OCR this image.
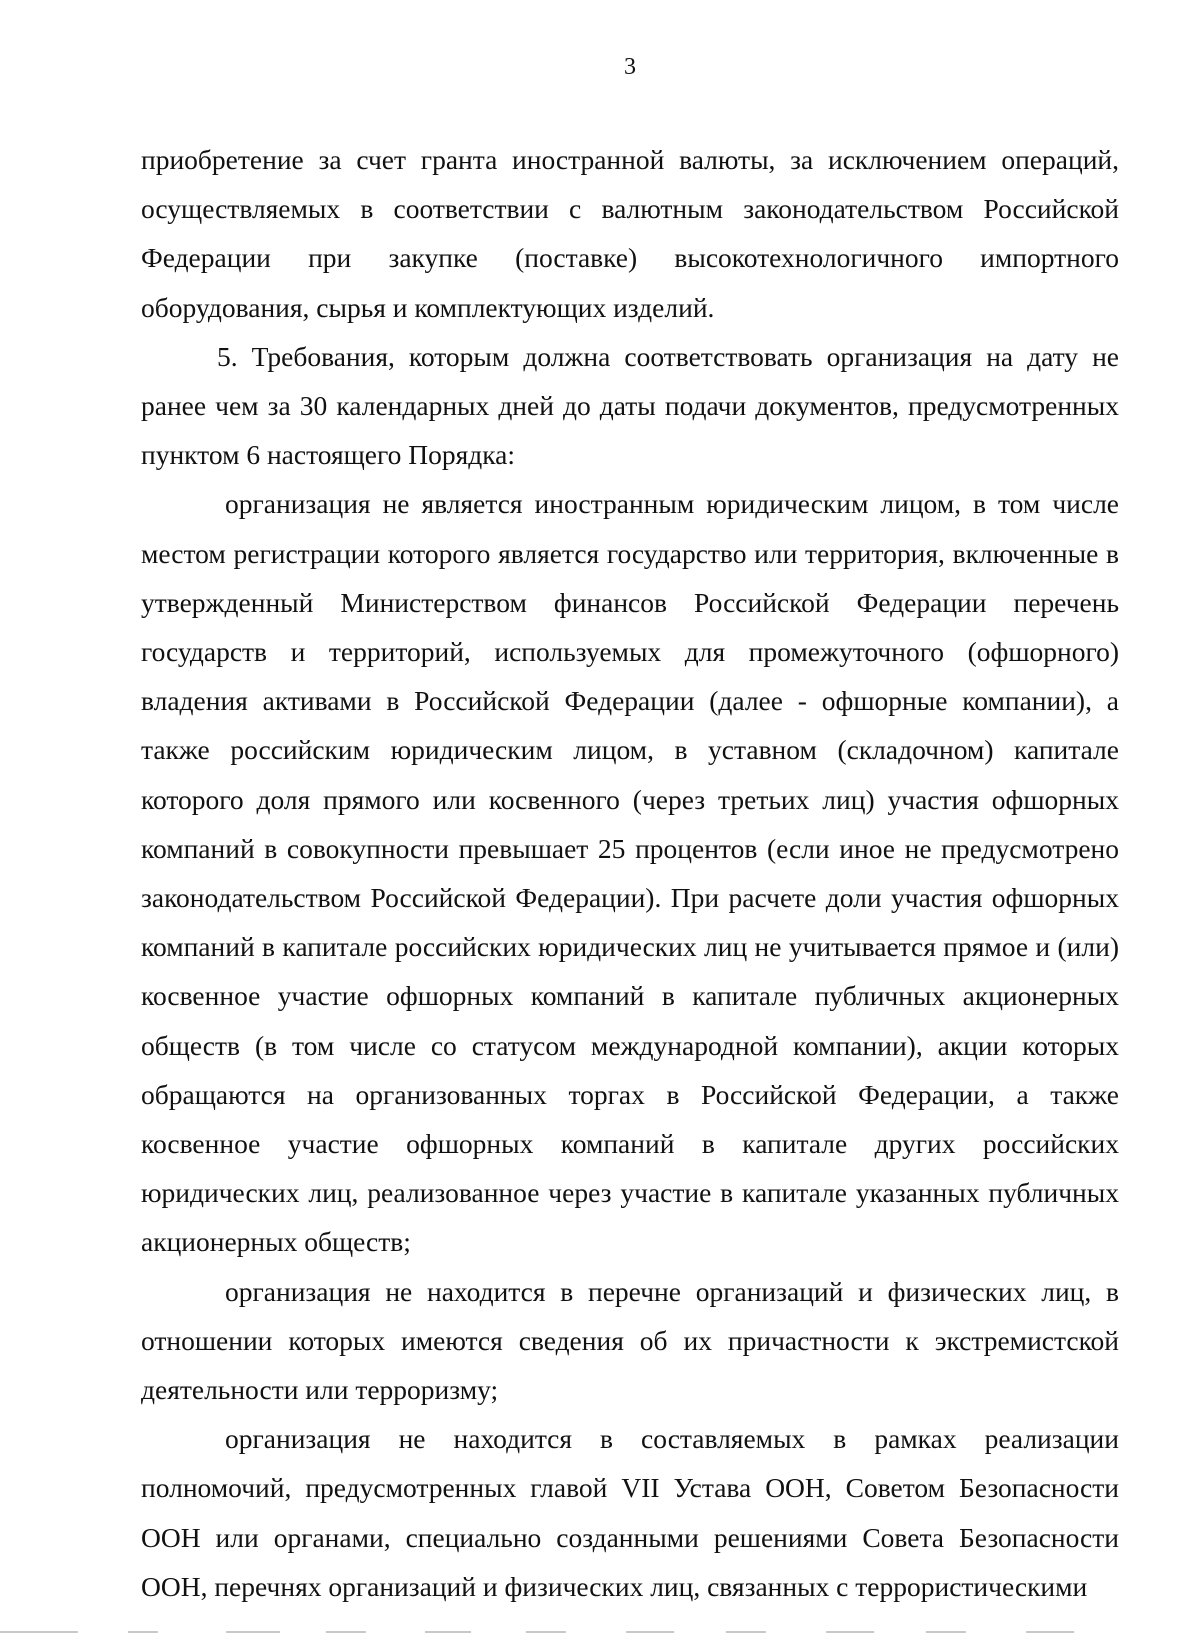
3

приобретение за счет гранта иностранной валюты, за исключением операций, осуществляемых в соответствии с валютным законодательством Российской Федерации при закупке (поставке) высокотехнологичного импортного оборудования, сырья и комплектующих изделий.

5. Требования, которым должна соответствовать организация на дату не ранее чем за 30 календарных дней до даты подачи документов, предусмотренных пунктом 6 настоящего Порядка:

организация не является иностранным юридическим лицом, в том числе местом регистрации которого является государство или территория, включенные в утвержденный Министерством финансов Российской Федерации перечень государств и территорий, используемых для промежуточного (офшорного) владения активами в Российской Федерации (далее - офшорные компании), а также российским юридическим лицом, в уставном (складочном) капитале которого доля прямого или косвенного (через третьих лиц) участия офшорных компаний в совокупности превышает 25 процентов (если иное не предусмотрено законодательством Российской Федерации). При расчете доли участия офшорных компаний в капитале российских юридических лиц не учитывается прямое и (или) косвенное участие офшорных компаний в капитале публичных акционерных обществ (в том числе со статусом международной компании), акции которых обращаются на организованных торгах в Российской Федерации, а также косвенное участие офшорных компаний в капитале других российских юридических лиц, реализованное через участие в капитале указанных публичных акционерных обществ;

организация не находится в перечне организаций и физических лиц, в отношении которых имеются сведения об их причастности к экстремистской деятельности или терроризму;

организация не находится в составляемых в рамках реализации полномочий, предусмотренных главой VII Устава ООН, Советом Безопасности ООН или органами, специально созданными решениями Совета Безопасности ООН, перечнях организаций и физических лиц, связанных с террористическими
